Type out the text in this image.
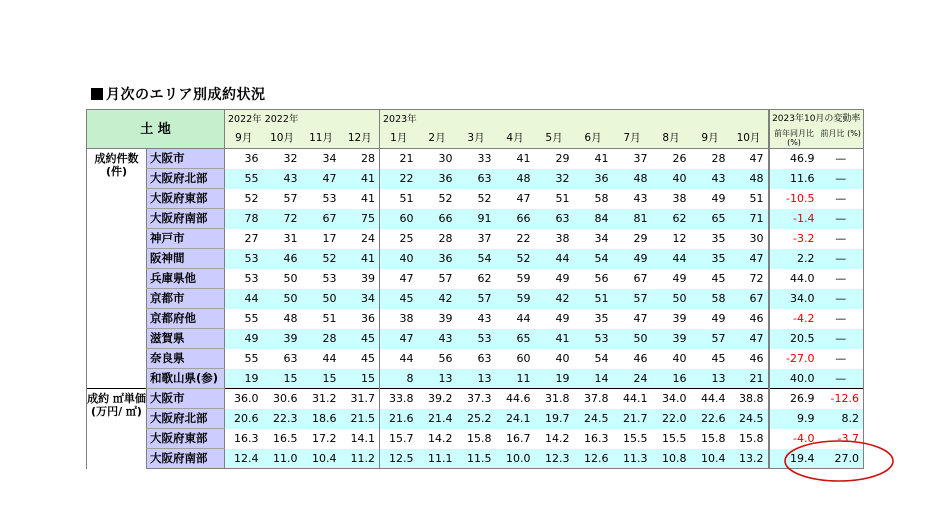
月次のエリア別成約状況
土 地		2022年 2022年				2023年										2023年10月の変動率	
		9月	10月	11月	12月	1月	2月	3月	4月	5月	6月	7月	8月	9月	10月	前年同月比 (%)	前月比 (%)
成約件数 (件)	大阪市	36	32	34	28	21	30	33	41	29	41	37	26	28	47	46.9	—
	大阪府北部	55	43	47	41	22	36	63	48	32	36	48	40	43	48	11.6	—
	大阪府東部	52	57	53	41	51	52	52	47	51	58	43	38	49	51	-10.5	—
	大阪府南部	78	72	67	75	60	66	91	66	63	84	81	62	65	71	-1.4	—
	神戸市	27	31	17	24	25	28	37	22	38	34	29	12	35	30	-3.2	—
	阪神間	53	46	52	41	40	36	54	52	44	54	49	44	35	47	2.2	—
	兵庫県他	53	50	53	39	47	57	62	59	49	56	67	49	45	72	44.0	—
	京都市	44	50	50	34	45	42	57	59	42	51	57	50	58	67	34.0	—
	京都府他	55	48	51	36	38	39	43	44	49	35	47	39	49	46	-4.2	—
	滋賀県	49	39	28	45	47	43	53	65	41	53	50	39	57	47	20.5	—
	奈良県	55	63	44	45	44	56	63	60	40	54	46	40	45	46	-27.0	—
	和歌山県(参)	19	15	15	15	8	13	13	11	19	14	24	16	13	21	40.0	—
成約 ㎡単価 (万円/ ㎡)	大阪市	36.0	30.6	31.2	31.7	33.8	39.2	37.3	44.6	31.8	37.8	44.1	34.0	44.4	38.8	26.9	-12.6
	大阪府北部	20.6	22.3	18.6	21.5	21.6	21.4	25.2	24.1	19.7	24.5	21.7	22.0	22.6	24.5	9.9	8.2
	大阪府東部	16.3	16.5	17.2	14.1	15.7	14.2	15.8	16.7	14.2	16.3	15.5	15.5	15.8	15.8	-4.0	-3.7
	大阪府南部	12.4	11.0	10.4	11.2	12.5	11.1	11.5	10.0	12.3	12.6	11.3	10.8	10.4	13.2	19.4	27.0
